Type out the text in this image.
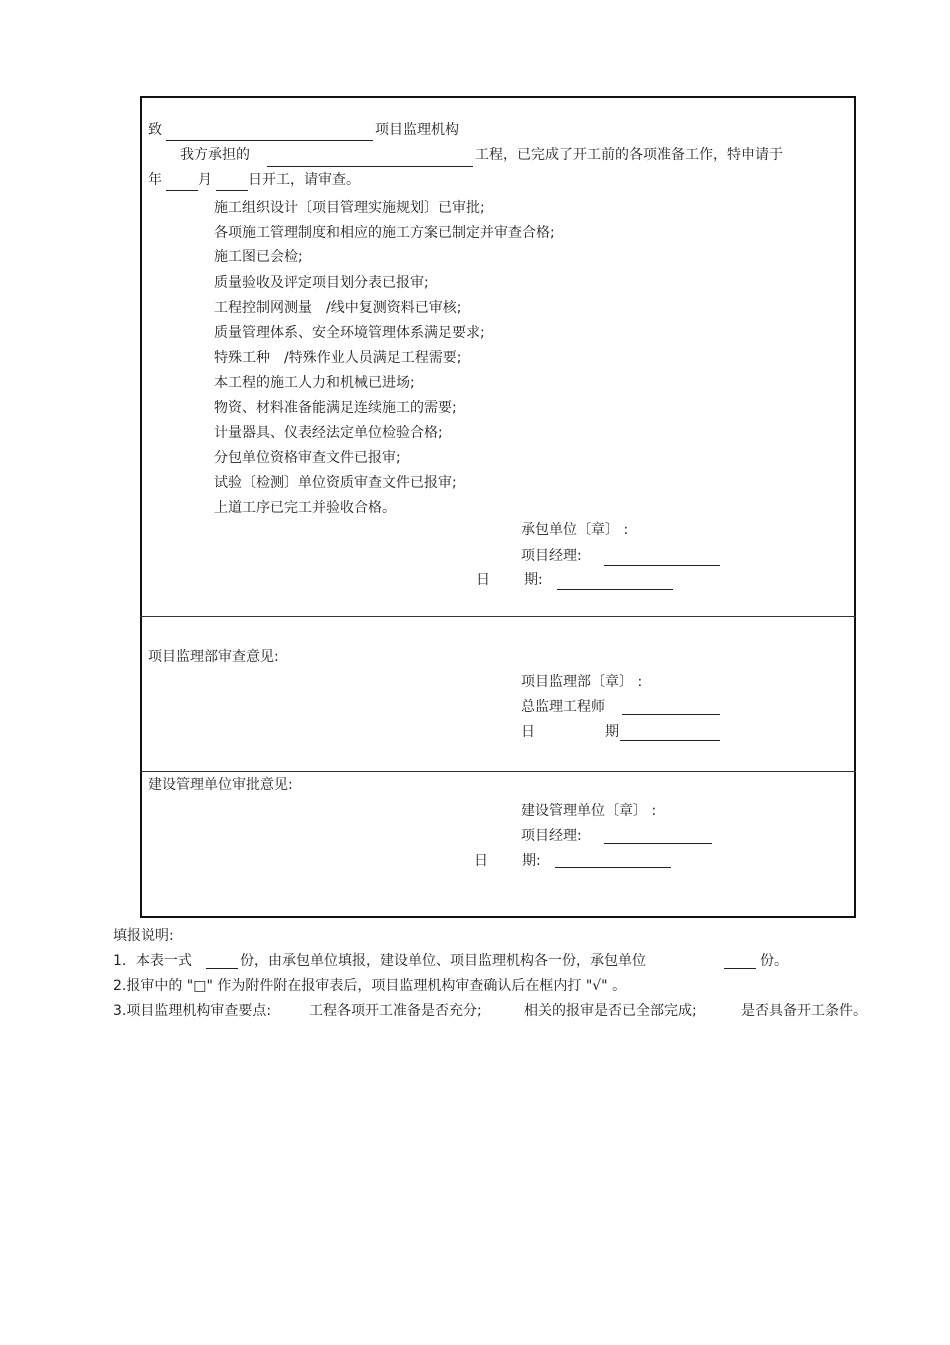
致	项目监理机构
我方承担的	工程，已完成了开工前的各项准备工作，特申请于
年	月	日开工，请审查。
施工组织设计〔项目管理实施规划〕已审批;
各项施工管理制度和相应的施工方案已制定并审查合格;
施工图已会检;
质量验收及评定项目划分表已报审;
工程控制网测量　/线中复测资料已审核;
质量管理体系、安全环境管理体系满足要求;
特殊工种　/特殊作业人员满足工程需要;
本工程的施工人力和机械已进场;
物资、材料准备能满足连续施工的需要;
计量器具、仪表经法定单位检验合格;
分包单位资格审查文件已报审;
试验〔检测〕单位资质审查文件已报审;
上道工序已完工并验收合格。
承包单位〔章〕 :
项目经理:
日 期:
项目监理部审查意见:
项目监理部〔章〕 :
总监理工程师
日	期
建设管理单位审批意见:
建设管理单位〔章〕 :
项目经理:
日 期:
填报说明:
1．本表一式	份，由承包单位填报，建设单位、项目监理机构各一份，承包单位	份。
2.报审中的 "□" 作为附件附在报审表后，项目监理机构审查确认后在框内打 "√" 。
3.项目监理机构审查要点:	工程各项开工准备是否充分;	相关的报审是否已全部完成;	是否具备开工条件。
